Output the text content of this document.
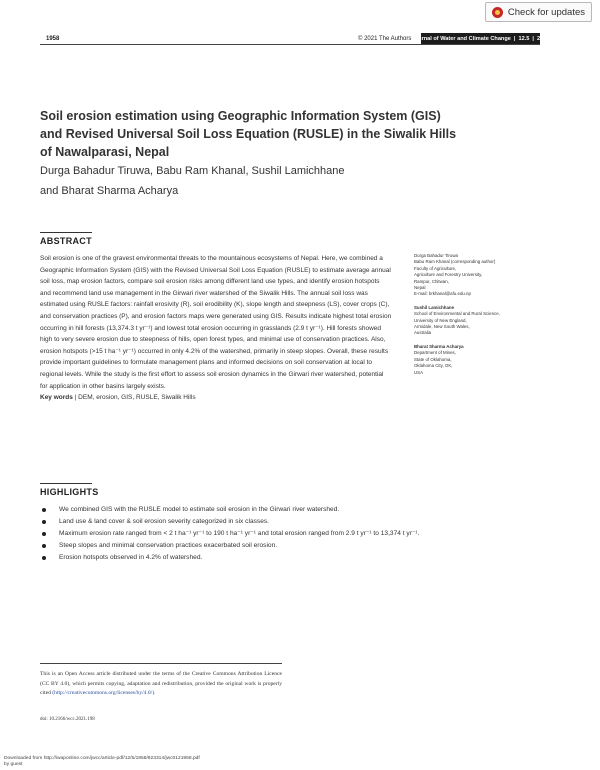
Check for updates
1958	© 2021 The Authors Journal of Water and Climate Change | 12.5 | 2021
Soil erosion estimation using Geographic Information System (GIS) and Revised Universal Soil Loss Equation (RUSLE) in the Siwalik Hills of Nawalparasi, Nepal
Durga Bahadur Tiruwa, Babu Ram Khanal, Sushil Lamichhane
and Bharat Sharma Acharya
ABSTRACT

Soil erosion is one of the gravest environmental threats to the mountainous ecosystems of Nepal. Here, we combined a Geographic Information System (GIS) with the Revised Universal Soil Loss Equation (RUSLE) to estimate average annual soil loss, map erosion factors, compare soil erosion risks among different land use types, and identify erosion hotspots and recommend land use management in the Girwari river watershed of the Siwalik Hills. The annual soil loss was estimated using RUSLE factors: rainfall erosivity (R), soil erodibility (K), slope length and steepness (LS), cover crops (C), and conservation practices (P), and erosion factors maps were generated using GIS. Results indicate highest total erosion occurring in hill forests (13,374.3 t yr⁻¹) and lowest total erosion occurring in grasslands (2.9 t yr⁻¹). Hill forests showed high to very severe erosion due to steepness of hills, open forest types, and minimal use of conservation practices. Also, erosion hotspots (>15 t ha⁻¹ yr⁻¹) occurred in only 4.2% of the watershed, primarily in steep slopes. Overall, these results provide important guidelines to formulate management plans and informed decisions on soil conservation at local to regional levels. While the study is the first effort to assess soil erosion dynamics in the Girwari river watershed, potential for application in other basins largely exists.

Key words | DEM, erosion, GIS, RUSLE, Siwalik Hills

Durga Bahadur Tiruwa
Babu Ram Khanal (corresponding author)
Faculty of Agriculture,
Agriculture and Forestry University,
Rampur, Chitwan,
Nepal
E-mail: brkhanal@afu.edu.np
Sushil Lamichhane
School of Environmental and Rural Science,
University of New England,
Armidale, New South Wales,
Australia
Bharat Sharma Acharya
Department of Mines,
State of Oklahoma,
Oklahoma City, OK,
USA
HIGHLIGHTS
We combined GIS with the RUSLE model to estimate soil erosion in the Girwari river watershed.
Land use & land cover & soil erosion severity categorized in six classes.
Maximum erosion rate ranged from < 2 t ha⁻¹ yr⁻¹ to 190 t ha⁻¹ yr⁻¹ and total erosion ranged from 2.9 t yr⁻¹ to 13,374 t yr⁻¹.
Steep slopes and minimal conservation practices exacerbated soil erosion.
Erosion hotspots observed in 4.2% of watershed.
This is an Open Access article distributed under the terms of the Creative Commons Attribution Licence (CC BY 4.0), which permits copying, adaptation and redistribution, provided the original work is properly cited (http://creativecommons.org/licenses/by/4.0/).
doi: 10.2166/wcc.2021.198
Downloaded from http://iwaponline.com/jwcc/article-pdf/12/5/1958/923314/jwc0121958.pdf
by guest
